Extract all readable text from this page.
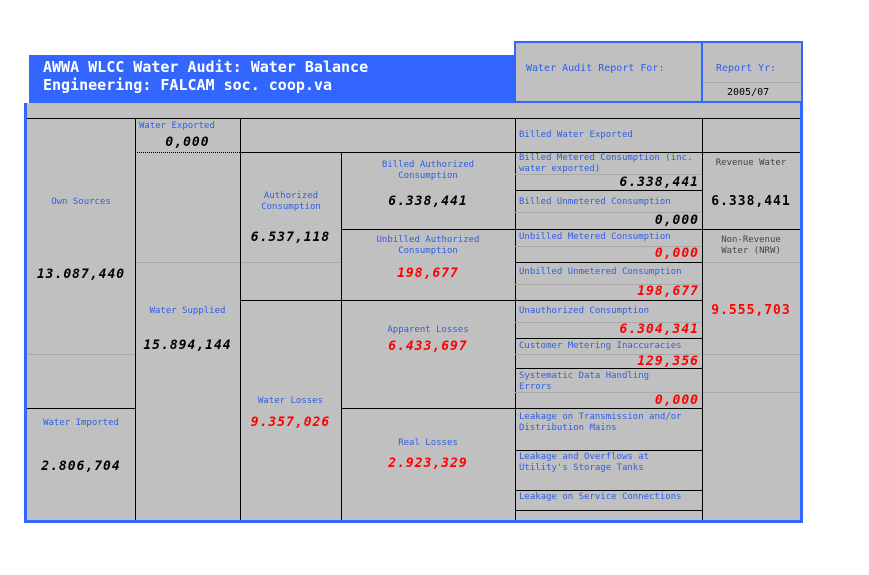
AWWA WLCC Water Audit: Water Balance
Engineering: FALCAM soc. coop.va
Water Audit Report For:	Report Yr:
2005/07
Own Sources
13.087,440
Water Imported
2.806,704
Water Exported
0,000
Water Supplied
15.894,144
Authorized Consumption
6.537,118
Water Losses
9.357,026
Billed Authorized Consumption
6.338,441
Unbilled Authorized Consumption
198,677
Apparent Losses
6.433,697
Real Losses
2.923,329
Billed Water Exported
Billed Metered Consumption (inc. water exported)
6.338,441
Billed Unmetered Consumption
0,000
Unbilled Metered Consumption
0,000
Unbilled Unmetered Consumption
198,677
Unauthorized Consumption
6.304,341
Customer Metering Inaccuracies
129,356
Systematic Data Handling Errors
0,000
Leakage on Transmission and/or Distribution Mains
Leakage and Overflows at Utility's Storage Tanks
Leakage on Service Connections
Revenue Water
6.338,441
Non-Revenue Water (NRW)
9.555,703
